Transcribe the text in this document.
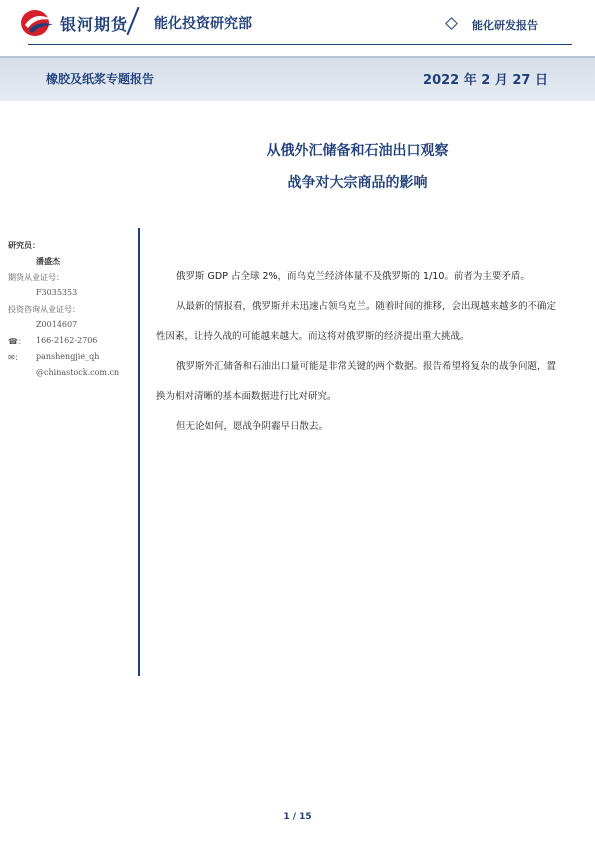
银河期货 能化投资研究部	能化研发报告
橡胶及纸浆专题报告	2022 年 2 月 27 日
从俄外汇储备和石油出口观察
战争对大宗商品的影响
研究员：
潘盛杰
期货从业证号：
F3035353
投资咨询从业证号：
Z0014607
☎： 166-2162-2706
✉： panshengjie_qh
@chinastock.com.cn

俄罗斯 GDP 占全球 2%，而乌克兰经济体量不及俄罗斯的 1/10。前者为主要矛盾。

从最新的情报看，俄罗斯并未迅速占领乌克兰。随着时间的推移，会出现越来越多的不确定性因素，让持久战的可能越来越大。而这将对俄罗斯的经济提出重大挑战。

俄罗斯外汇储备和石油出口量可能是非常关键的两个数据。报告希望将复杂的战争问题，置换为相对清晰的基本面数据进行比对研究。

但无论如何，愿战争阴霾早日散去。

1 / 15
